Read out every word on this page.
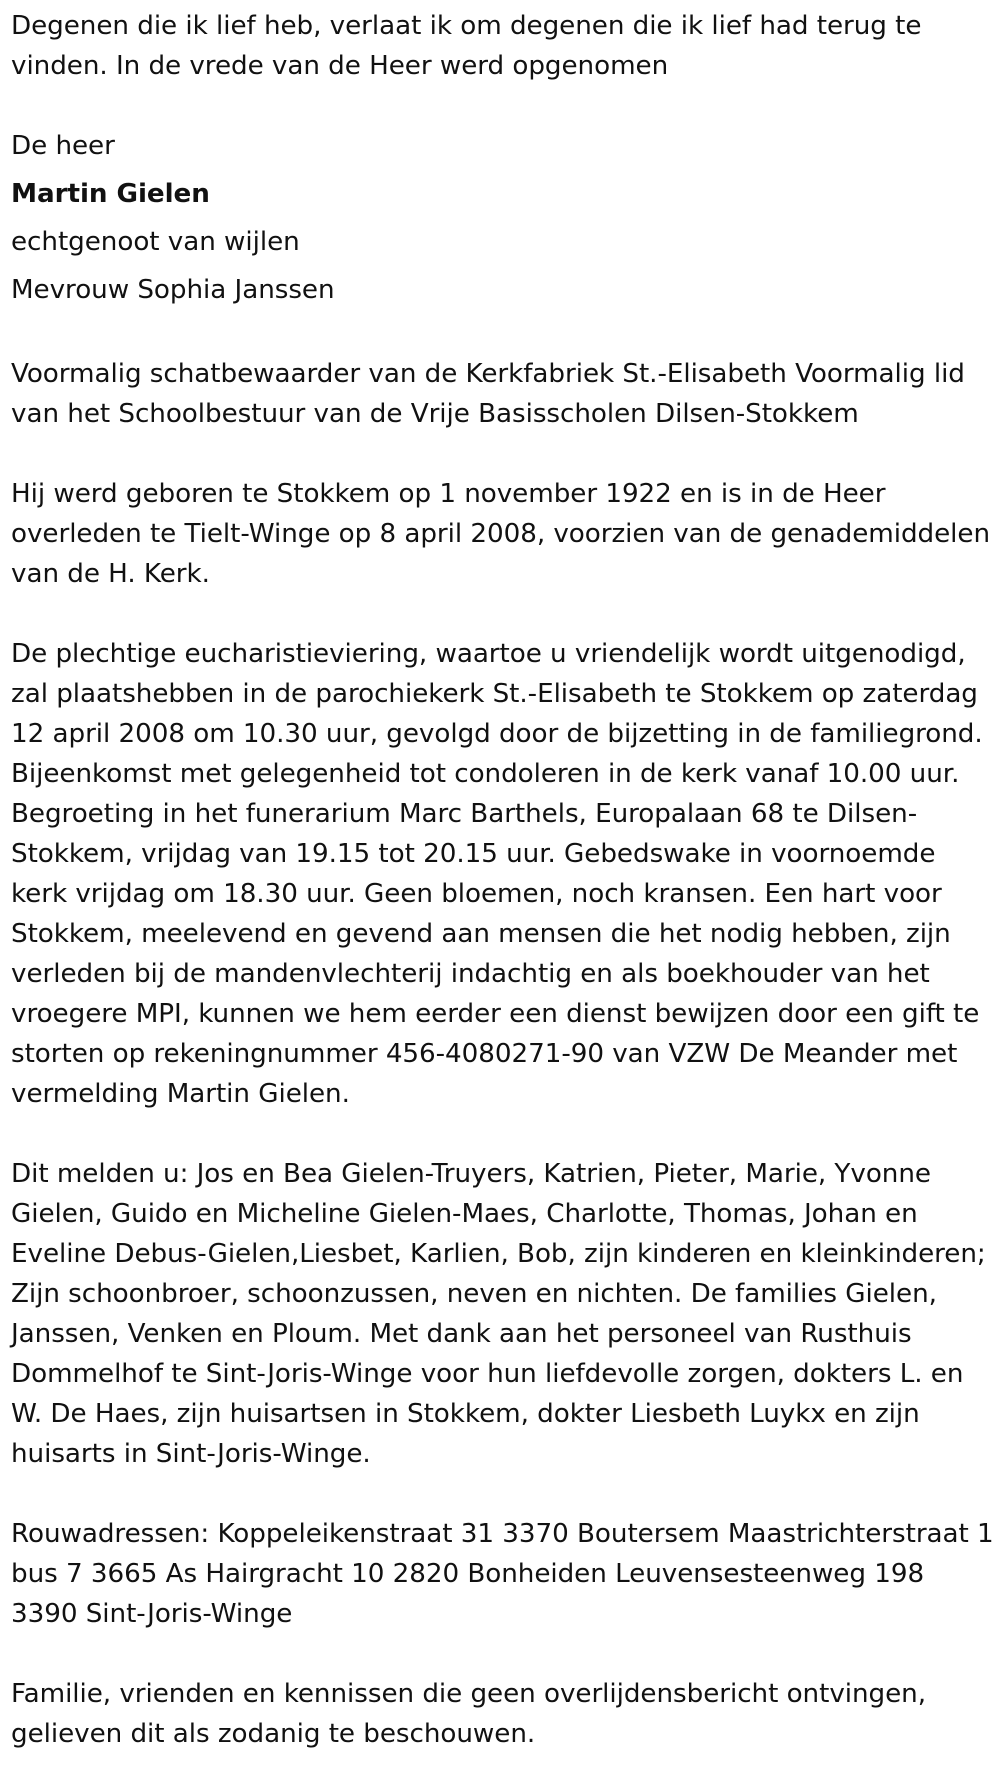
Degenen die ik lief heb, verlaat ik om degenen die ik lief had terug te vinden. In de vrede van de Heer werd opgenomen

De heer

Martin Gielen

echtgenoot van wijlen

Mevrouw Sophia Janssen

Voormalig schatbewaarder van de Kerkfabriek St.-Elisabeth Voormalig lid van het Schoolbestuur van de Vrije Basisscholen Dilsen-Stokkem

Hij werd geboren te Stokkem op 1 november 1922 en is in de Heer overleden te Tielt-Winge op 8 april 2008, voorzien van de genademiddelen van de H. Kerk.

De plechtige eucharistieviering, waartoe u vriendelijk wordt uitgenodigd, zal plaatshebben in de parochiekerk St.-Elisabeth te Stokkem op zaterdag 12 april 2008 om 10.30 uur, gevolgd door de bijzetting in de familiegrond. Bijeenkomst met gelegenheid tot condoleren in de kerk vanaf 10.00 uur. Begroeting in het funerarium Marc Barthels, Europalaan 68 te Dilsen-Stokkem, vrijdag van 19.15 tot 20.15 uur. Gebedswake in voornoemde kerk vrijdag om 18.30 uur. Geen bloemen, noch kransen. Een hart voor Stokkem, meelevend en gevend aan mensen die het nodig hebben, zijn verleden bij de mandenvlechterij indachtig en als boekhouder van het vroegere MPI, kunnen we hem eerder een dienst bewijzen door een gift te storten op rekeningnummer 456-4080271-90 van VZW De Meander met vermelding Martin Gielen.

Dit melden u: Jos en Bea Gielen-Truyers, Katrien, Pieter, Marie, Yvonne Gielen, Guido en Micheline Gielen-Maes, Charlotte, Thomas, Johan en Eveline Debus-Gielen,Liesbet, Karlien, Bob, zijn kinderen en kleinkinderen; Zijn schoonbroer, schoonzussen, neven en nichten. De families Gielen, Janssen, Venken en Ploum. Met dank aan het personeel van Rusthuis Dommelhof te Sint-Joris-Winge voor hun liefdevolle zorgen, dokters L. en W. De Haes, zijn huisartsen in Stokkem, dokter Liesbeth Luykx en zijn huisarts in Sint-Joris-Winge.

Rouwadressen: Koppeleikenstraat 31 3370 Boutersem Maastrichterstraat 1 bus 7 3665 As Hairgracht 10 2820 Bonheiden Leuvensesteenweg 198 3390 Sint-Joris-Winge

Familie, vrienden en kennissen die geen overlijdensbericht ontvingen, gelieven dit als zodanig te beschouwen.
